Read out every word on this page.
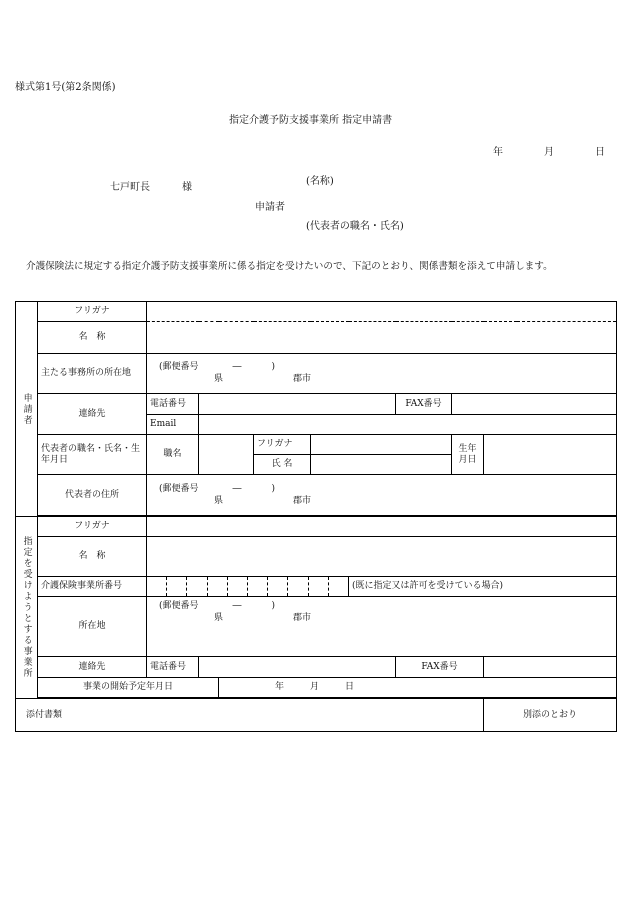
様式第1号(第2条関係)
指定介護予防支援事業所 指定申請書
年	月	日
七戸町長	様
(名称)
申請者
(代表者の職名・氏名)
介護保険法に規定する指定介護予防支援事業所に係る指定を受けたいので、下記のとおり、関係書類を添えて申請します。
申請者	フリガナ									
	名　称									
	主たる事務所の所在地	(郵便番号 ― )
県 郡市								

	連絡先	電話番号						FAX番号		
		Email								
	代表者の職名・氏名・生年月日	職名			フリガナ				生年月日	
					氏 名					
	代表者の住所	(郵便番号 ― )
県 郡市								

指定を受けようとする事業所	フリガナ									
	名　称									
	介護保険事業所番号						(既に指定又は許可を受けている場合)			
	所在地	(郵便番号 ― )
県 郡市								

	連絡先	電話番号						FAX番号		
	事業の開始予定年月日			年 月 日						

添付書類										別添のとおり
